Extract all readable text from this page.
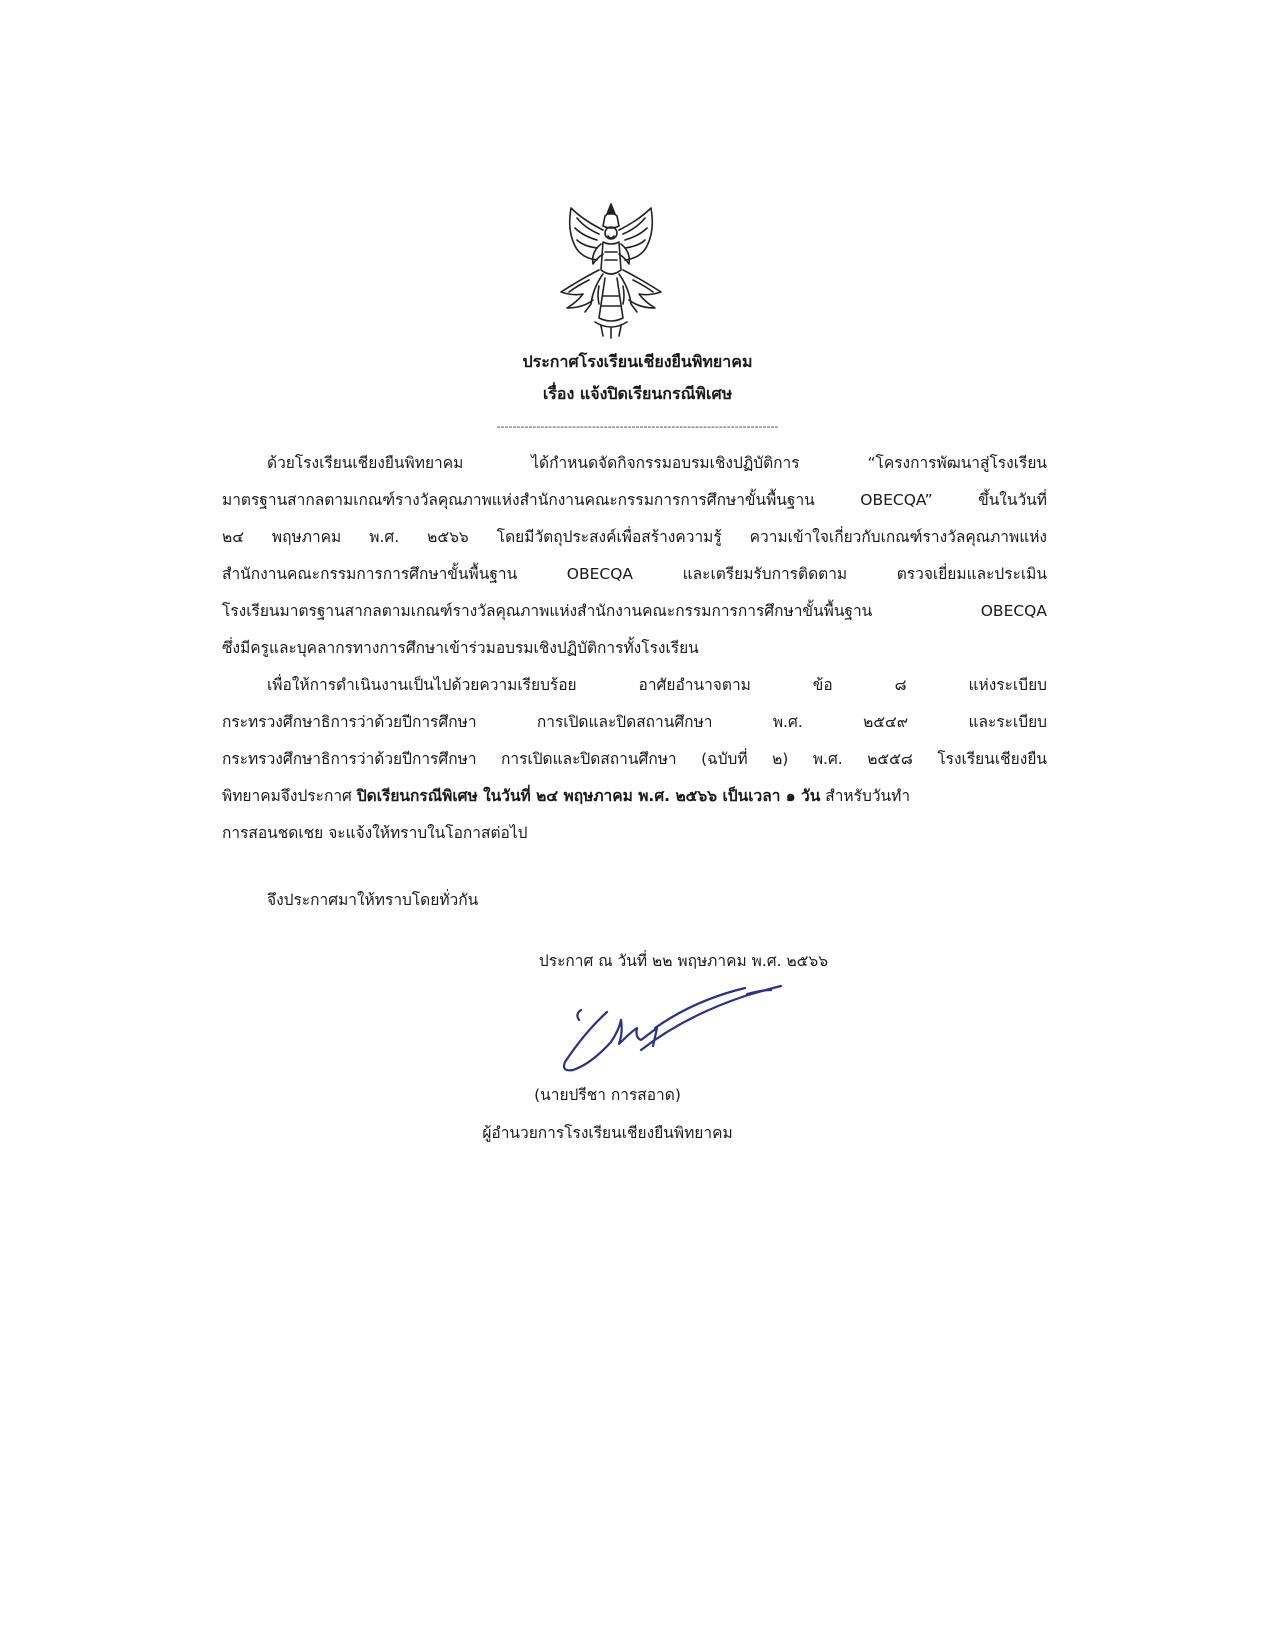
ประกาศโรงเรียนเชียงยืนพิทยาคม
เรื่อง แจ้งปิดเรียนกรณีพิเศษ
-----------------------------------------------------------------------
ด้วยโรงเรียนเชียงยืนพิทยาคม ได้กำหนดจัดกิจกรรมอบรมเชิงปฏิบัติการ “โครงการพัฒนาสู่โรงเรียน
มาตรฐานสากลตามเกณฑ์รางวัลคุณภาพแห่งสำนักงานคณะกรรมการการศึกษาขั้นพื้นฐาน OBECQA” ขึ้นในวันที่
๒๔ พฤษภาคม พ.ศ. ๒๕๖๖ โดยมีวัตถุประสงค์เพื่อสร้างความรู้ ความเข้าใจเกี่ยวกับเกณฑ์รางวัลคุณภาพแห่ง
สำนักงานคณะกรรมการการศึกษาขั้นพื้นฐาน OBECQA และเตรียมรับการติดตาม ตรวจเยี่ยมและประเมิน
โรงเรียนมาตรฐานสากลตามเกณฑ์รางวัลคุณภาพแห่งสำนักงานคณะกรรมการการศึกษาขั้นพื้นฐาน OBECQA
ซึ่งมีครูและบุคลากรทางการศึกษาเข้าร่วมอบรมเชิงปฏิบัติการทั้งโรงเรียน
เพื่อให้การดำเนินงานเป็นไปด้วยความเรียบร้อย อาศัยอำนาจตาม ข้อ ๘ แห่งระเบียบ
กระทรวงศึกษาธิการว่าด้วยปีการศึกษา การเปิดและปิดสถานศึกษา พ.ศ. ๒๕๔๙ และระเบียบ
กระทรวงศึกษาธิการว่าด้วยปีการศึกษา การเปิดและปิดสถานศึกษา (ฉบับที่ ๒) พ.ศ. ๒๕๕๘ โรงเรียนเชียงยืน
พิทยาคมจึงประกาศ ปิดเรียนกรณีพิเศษ ในวันที่ ๒๔ พฤษภาคม พ.ศ. ๒๕๖๖ เป็นเวลา ๑ วัน สำหรับวันทำ
การสอนชดเชย จะแจ้งให้ทราบในโอกาสต่อไป
จึงประกาศมาให้ทราบโดยทั่วกัน
ประกาศ ณ วันที่ ๒๒ พฤษภาคม พ.ศ. ๒๕๖๖
(นายปรีชา การสอาด)
ผู้อำนวยการโรงเรียนเชียงยืนพิทยาคม
